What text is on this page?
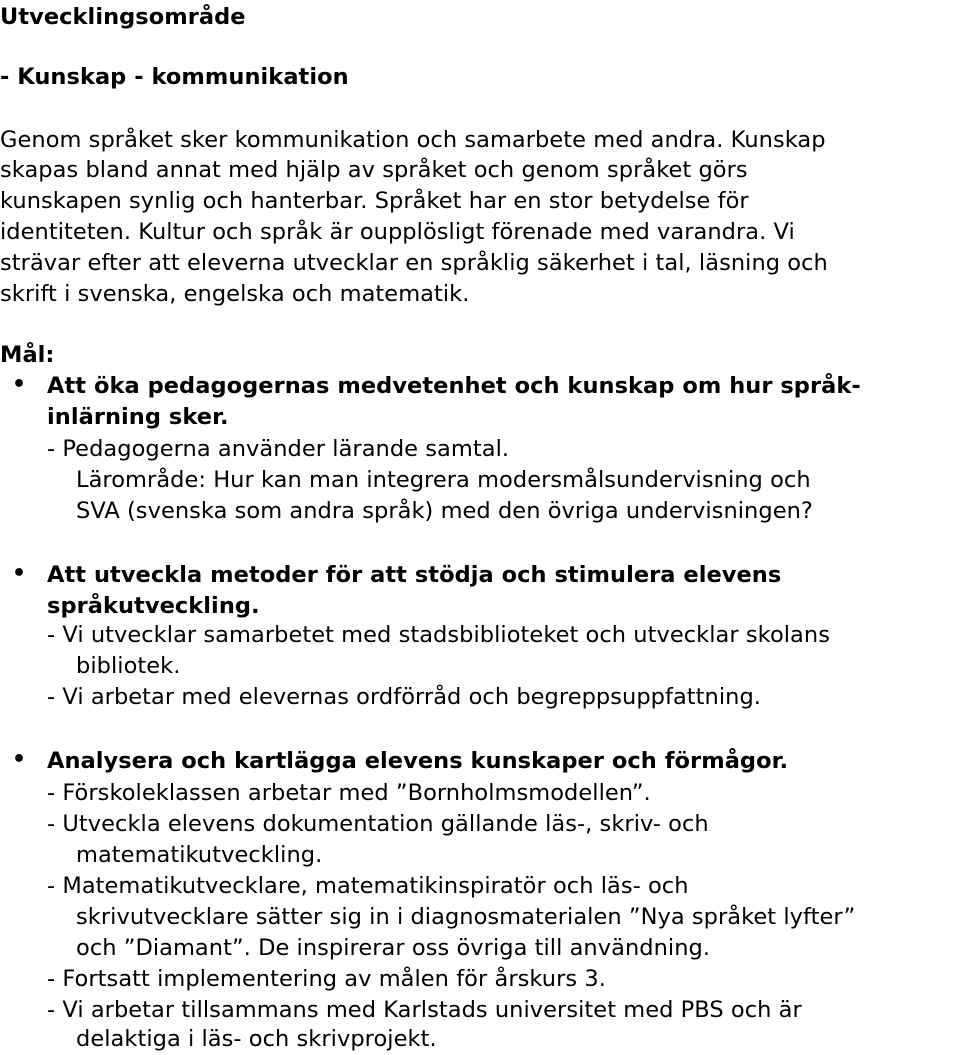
Utvecklingsområde
- Kunskap - kommunikation
Genom språket sker kommunikation och samarbete med andra. Kunskap
skapas bland annat med hjälp av språket och genom språket görs
kunskapen synlig och hanterbar. Språket har en stor betydelse för
identiteten. Kultur och språk är oupplösligt förenade med varandra. Vi
strävar efter att eleverna utvecklar en språklig säkerhet i tal, läsning och
skrift i svenska, engelska och matematik.
Mål:
• Att öka pedagogernas medvetenhet och kunskap om hur språk-
inlärning sker.
- Pedagogerna använder lärande samtal.
Lärområde: Hur kan man integrera modersmålsundervisning och
SVA (svenska som andra språk) med den övriga undervisningen?
• Att utveckla metoder för att stödja och stimulera elevens
språkutveckling.
- Vi utvecklar samarbetet med stadsbiblioteket och utvecklar skolans
bibliotek.
- Vi arbetar med elevernas ordförråd och begreppsuppfattning.
• Analysera och kartlägga elevens kunskaper och förmågor.
- Förskoleklassen arbetar med ”Bornholmsmodellen”.
- Utveckla elevens dokumentation gällande läs-, skriv- och
matematikutveckling.
- Matematikutvecklare, matematikinspiratör och läs- och
skrivutvecklare sätter sig in i diagnosmaterialen ”Nya språket lyfter”
och ”Diamant”. De inspirerar oss övriga till användning.
- Fortsatt implementering av målen för årskurs 3.
- Vi arbetar tillsammans med Karlstads universitet med PBS och är
delaktiga i läs- och skrivprojekt.
